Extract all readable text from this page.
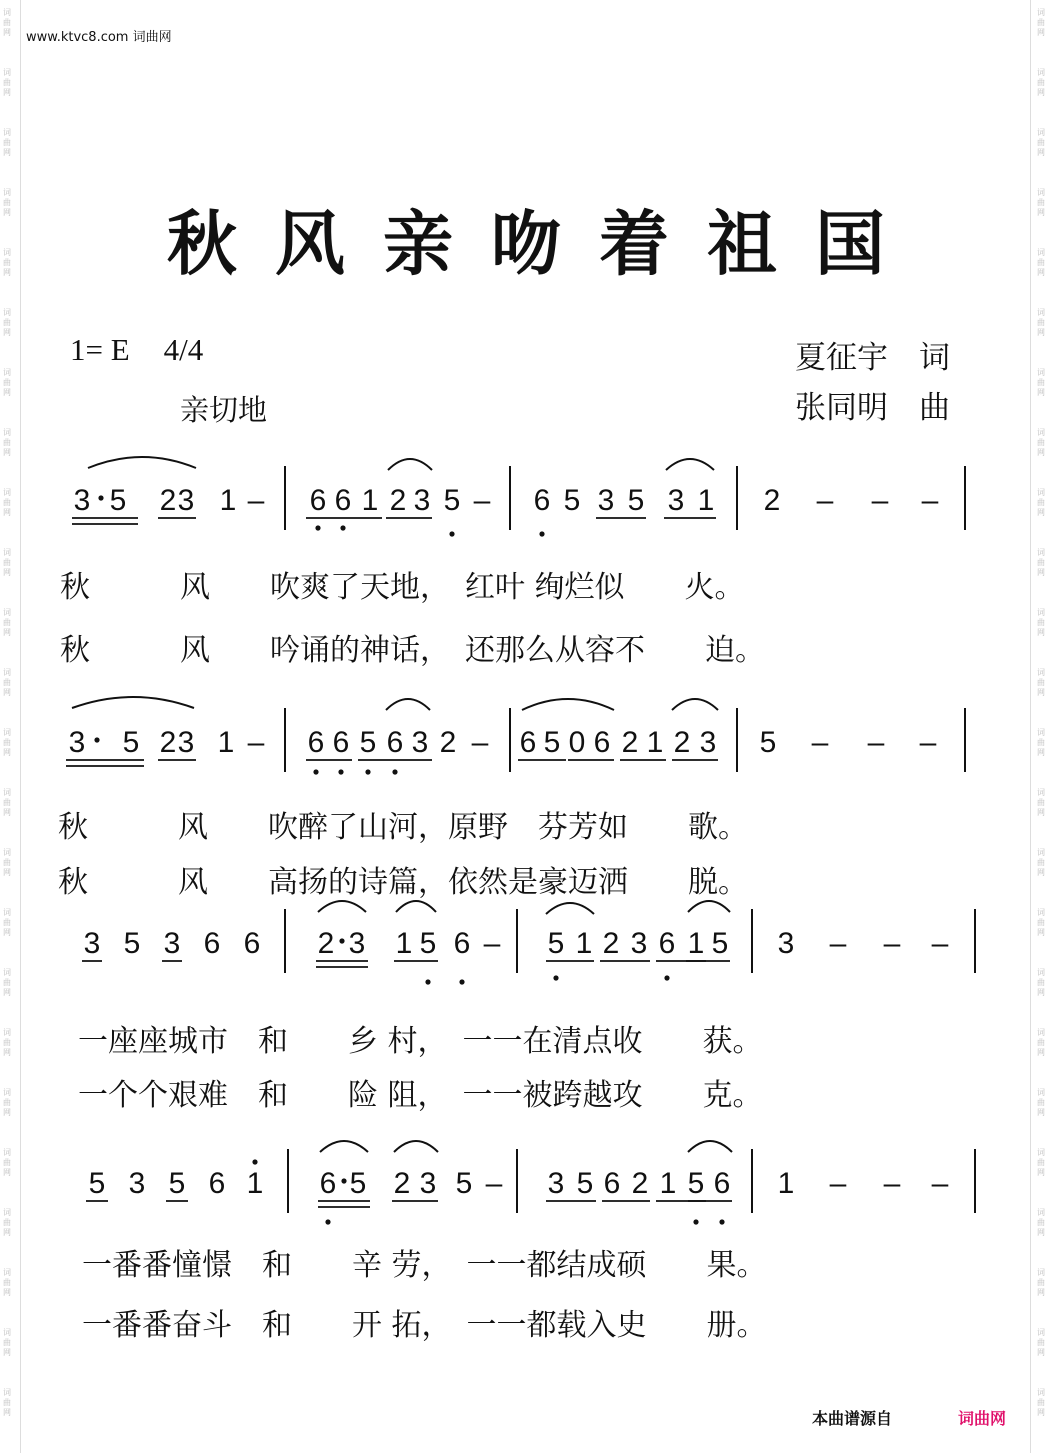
词
曲
网
词
曲
网
词
曲
网
词
曲
网
词
曲
网
词
曲
网
词
曲
网
词
曲
网
词
曲
网
词
曲
网
词
曲
网
词
曲
网
词
曲
网
词
曲
网
词
曲
网
词
曲
网
词
曲
网
词
曲
网
词
曲
网
词
曲
网
词
曲
网
词
曲
网
词
曲
网
词
曲
网
词
曲
网
词
曲
网
词
曲
网
词
曲
网
词
曲
网
词
曲
网
词
曲
网
词
曲
网
词
曲
网
词
曲
网
词
曲
网
词
曲
网
词
曲
网
词
曲
网
词
曲
网
词
曲
网
词
曲
网
词
曲
网
词
曲
网
词
曲
网
词
曲
网
词
曲
网
词
曲
网
词
曲
网
www.ktvc8.com 词曲网
秋风亲吻着祖国
1= E 4/4
亲切地
夏征宇　词
张同明　曲
3 5 2 3 1 – 6 6 1 2 3 5 – 6 5 3 5 3 1 2 – – –
3 5 2 3 1 – 6 6 5 6 3 2 – 6 5 0 6 2 1 2 3 5 – – –
3 5 3 6 6 2 3 1 5 6 – 5 1 2 3 6 1 5 3 – – –
5 3 5 6 1 6 5 2 3 5 – 3 5 6 2 1 5 6 1 – – –
秋　　　风　　吹爽了天地，　红叶 绚烂似　　火。
秋　　　风　　吟诵的神话，　还那么从容不　　迫。
秋　　　风　　吹醉了山河，原野　芬芳如　　歌。
秋　　　风　　高扬的诗篇，依然是豪迈洒　　脱。
一座座城市　和　　乡 村，　一一在清点收　　获。
一个个艰难　和　　险 阻，　一一被跨越攻　　克。
一番番憧憬　和　　辛 劳，　一一都结成硕　　果。
一番番奋斗　和　　开 拓，　一一都载入史　　册。
本曲谱源自	词曲网
